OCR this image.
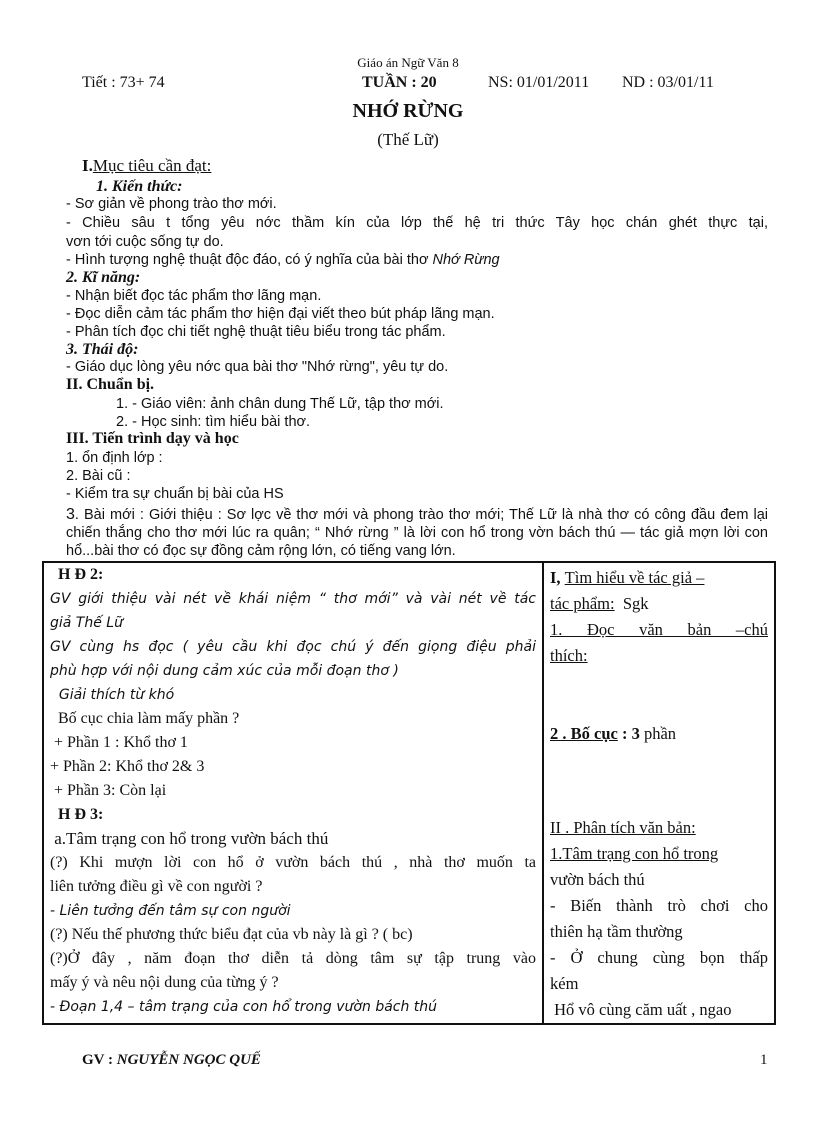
Giáo án Ngữ Văn 8
Tiết : 73+ 74	TUẦN : 20	NS: 01/01/2011 ND : 03/01/11
NHỚ RỪNG
(Thế Lữ)
I.Mục tiêu cần đạt:
1. Kiến thức:
- Sơ giản về phong trào thơ mới.
- Chiều sâu t tổng yêu nớc thầm kín của lớp thế hệ tri thức Tây học chán ghét thực tại,
vơn tới cuộc sống tự do.
- Hình tượng nghệ thuật độc đáo, có ý nghĩa của bài thơ Nhớ Rừng
2. Kĩ năng:
- Nhận biết đọc tác phẩm thơ lãng mạn.
- Đọc diễn cảm tác phẩm thơ hiện đại viết theo bút pháp lãng mạn.
- Phân tích đọc chi tiết nghệ thuật tiêu biểu trong tác phẩm.
3. Thái độ:
- Giáo dục lòng yêu nớc qua bài thơ "Nhớ rừng", yêu tự do.
II. Chuẩn bị.
1. - Giáo viên: ảnh chân dung Thế Lữ, tập thơ mới.
2. - Học sinh: tìm hiểu bài thơ.
III. Tiến trình dạy và học
1. ổn định lớp :
2. Bài cũ :
- Kiểm tra sự chuẩn bị bài của HS
3. Bài mới : Giới thiệu : Sơ lợc về thơ mới và phong trào thơ mới; Thế Lữ là nhà thơ có công đầu đem lại chiến thắng cho thơ mới lúc ra quân; “ Nhớ rừng ” là lời con hổ trong vờn bách thú — tác giả mợn lời con hổ...bài thơ có đọc sự đồng cảm rộng lớn, có tiếng vang lớn.
H Đ 2:
GV giới thiệu vài nét về khái niệm “ thơ mới” và vài nét về tác
giả Thế Lữ
GV cùng hs đọc ( yêu cầu khi đọc chú ý đến giọng điệu phải
phù hợp với nội dung cảm xúc của mỗi đoạn thơ )
Giải thích từ khó
Bố cục chia làm mấy phần ?
+ Phần 1 : Khổ thơ 1
+ Phần 2: Khổ thơ 2& 3
+ Phần 3: Còn lại
H Đ 3:
a.Tâm trạng con hổ trong vườn bách thú
(?) Khi mượn lời con hổ ở vườn bách thú , nhà thơ muốn ta
liên tưởng điều gì về con người ?
- Liên tưởng đến tâm sự con người
(?) Nếu thế phương thức biểu đạt của vb này là gì ? ( bc)
(?)Ở đây , năm đoạn thơ diễn tả dòng tâm sự tập trung vào
mấy ý và nêu nội dung của từng ý ?
- Đoạn 1,4 – tâm trạng của con hổ trong vườn bách thú

I, Tìm hiểu về tác giả –
tác phẩm:  Sgk
1. Đọc văn bản –chú
thích:
2 . Bố cục : 3 phần
II . Phân tích văn bản:
1.Tâm trạng con hổ trong
vườn bách thú
- Biến thành trò chơi cho
thiên hạ tầm thường
- Ở chung cùng bọn thấp
kém
Hổ vô cùng căm uất , ngao
GV : NGUYỄN NGỌC QUẾ	1
